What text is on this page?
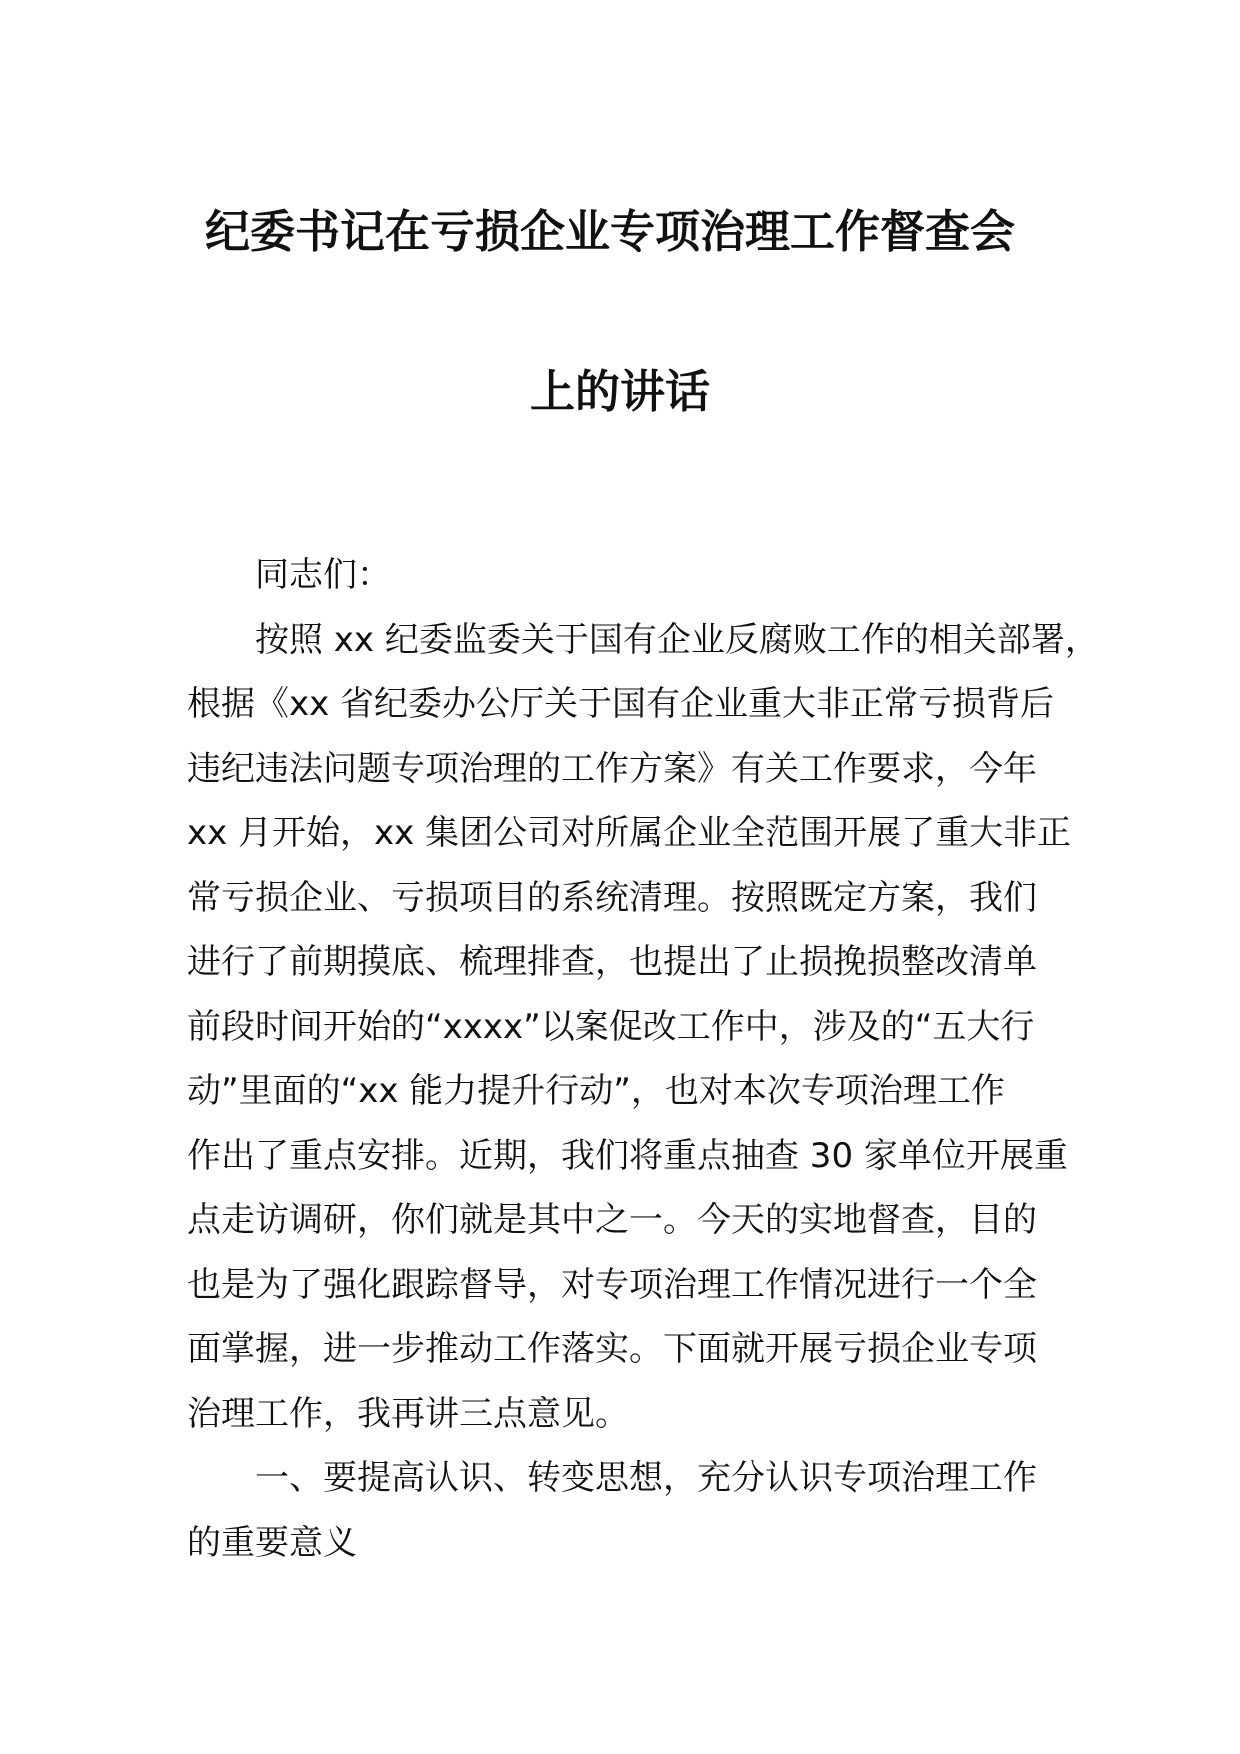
纪委书记在亏损企业专项治理工作督查会
上的讲话
同志们：
按照 xx 纪委监委关于国有企业反腐败工作的相关部署，
根据《xx 省纪委办公厅关于国有企业重大非正常亏损背后
违纪违法问题专项治理的工作方案》有关工作要求，今年
xx 月开始，xx 集团公司对所属企业全范围开展了重大非正
常亏损企业、亏损项目的系统清理。按照既定方案，我们
进行了前期摸底、梳理排查，也提出了止损挽损整改清单
前段时间开始的“xxxx”以案促改工作中，涉及的“五大行
动”里面的“xx 能力提升行动”，也对本次专项治理工作
作出了重点安排。近期，我们将重点抽查 30 家单位开展重
点走访调研，你们就是其中之一。今天的实地督查，目的
也是为了强化跟踪督导，对专项治理工作情况进行一个全
面掌握，进一步推动工作落实。下面就开展亏损企业专项
治理工作，我再讲三点意见。
一、要提高认识、转变思想，充分认识专项治理工作
的重要意义
